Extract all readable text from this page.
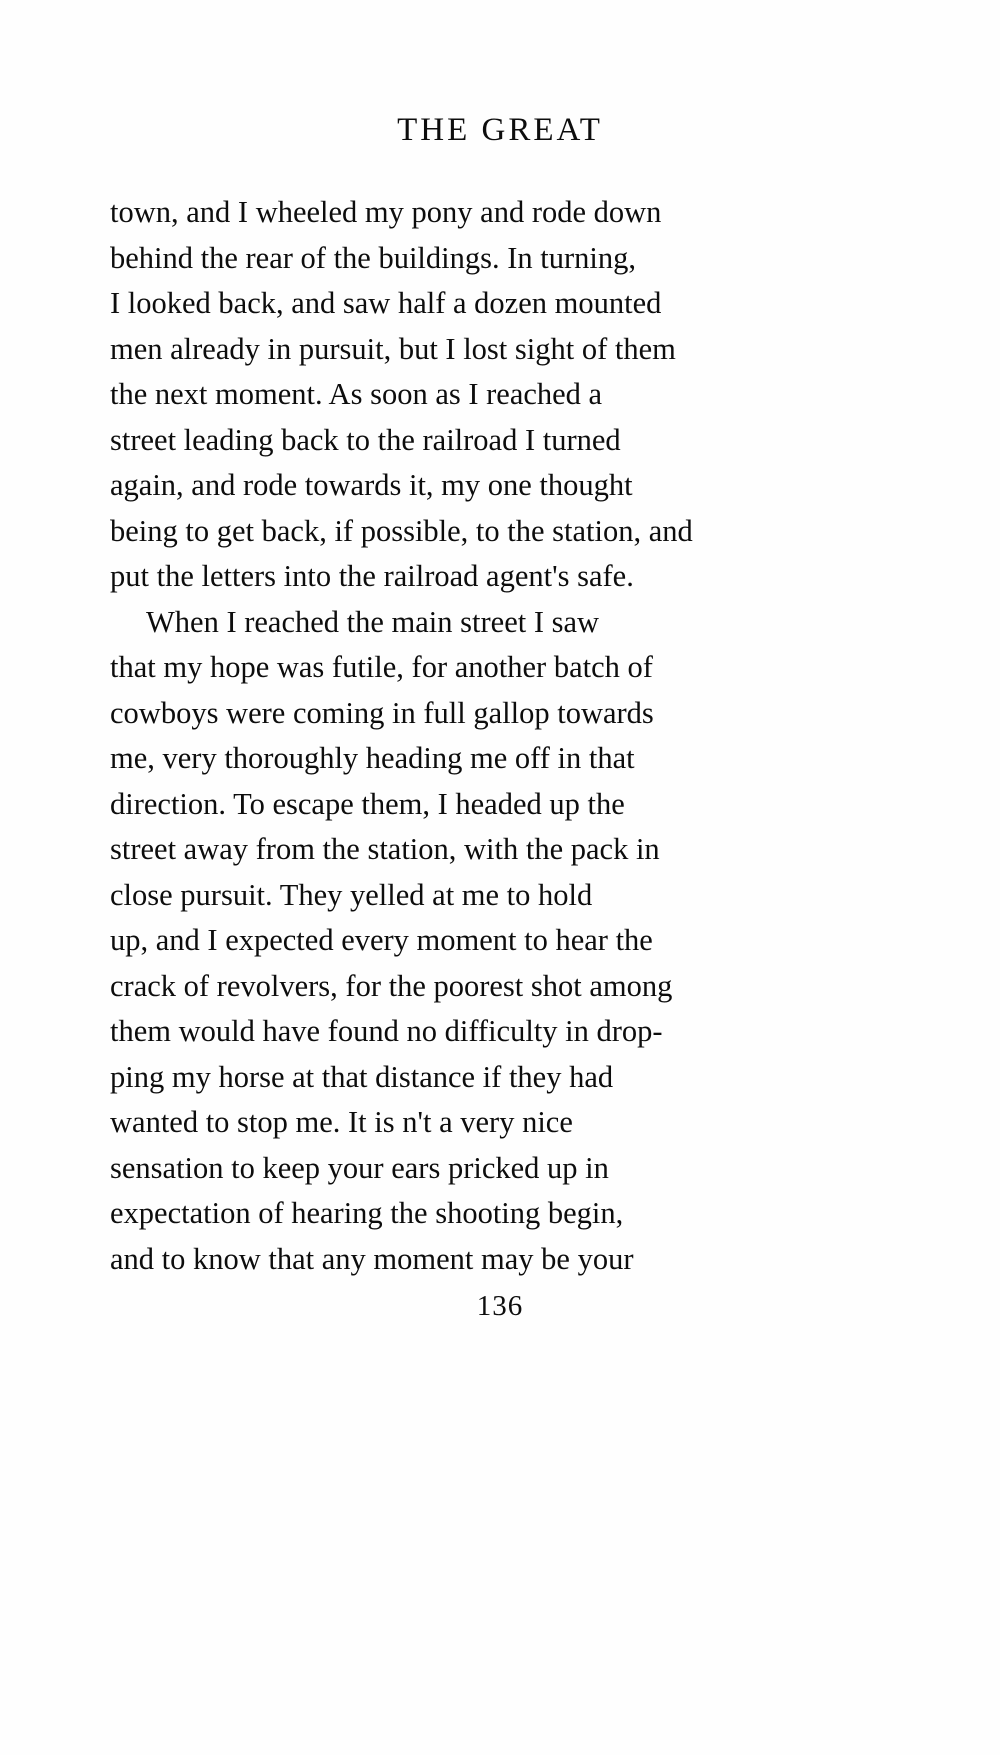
THE GREAT

town, and I wheeled my pony and rode down
behind the rear of the buildings. In turning,
I looked back, and saw half a dozen mounted
men already in pursuit, but I lost sight of them
the next moment. As soon as I reached a
street leading back to the railroad I turned
again, and rode towards it, my one thought
being to get back, if possible, to the station, and
put the letters into the railroad agent's safe.

When I reached the main street I saw
that my hope was futile, for another batch of
cowboys were coming in full gallop towards
me, very thoroughly heading me off in that
direction. To escape them, I headed up the
street away from the station, with the pack in
close pursuit. They yelled at me to hold
up, and I expected every moment to hear the
crack of revolvers, for the poorest shot among
them would have found no difficulty in drop-
ping my horse at that distance if they had
wanted to stop me. It is n't a very nice
sensation to keep your ears pricked up in
expectation of hearing the shooting begin,
and to know that any moment may be your

136
